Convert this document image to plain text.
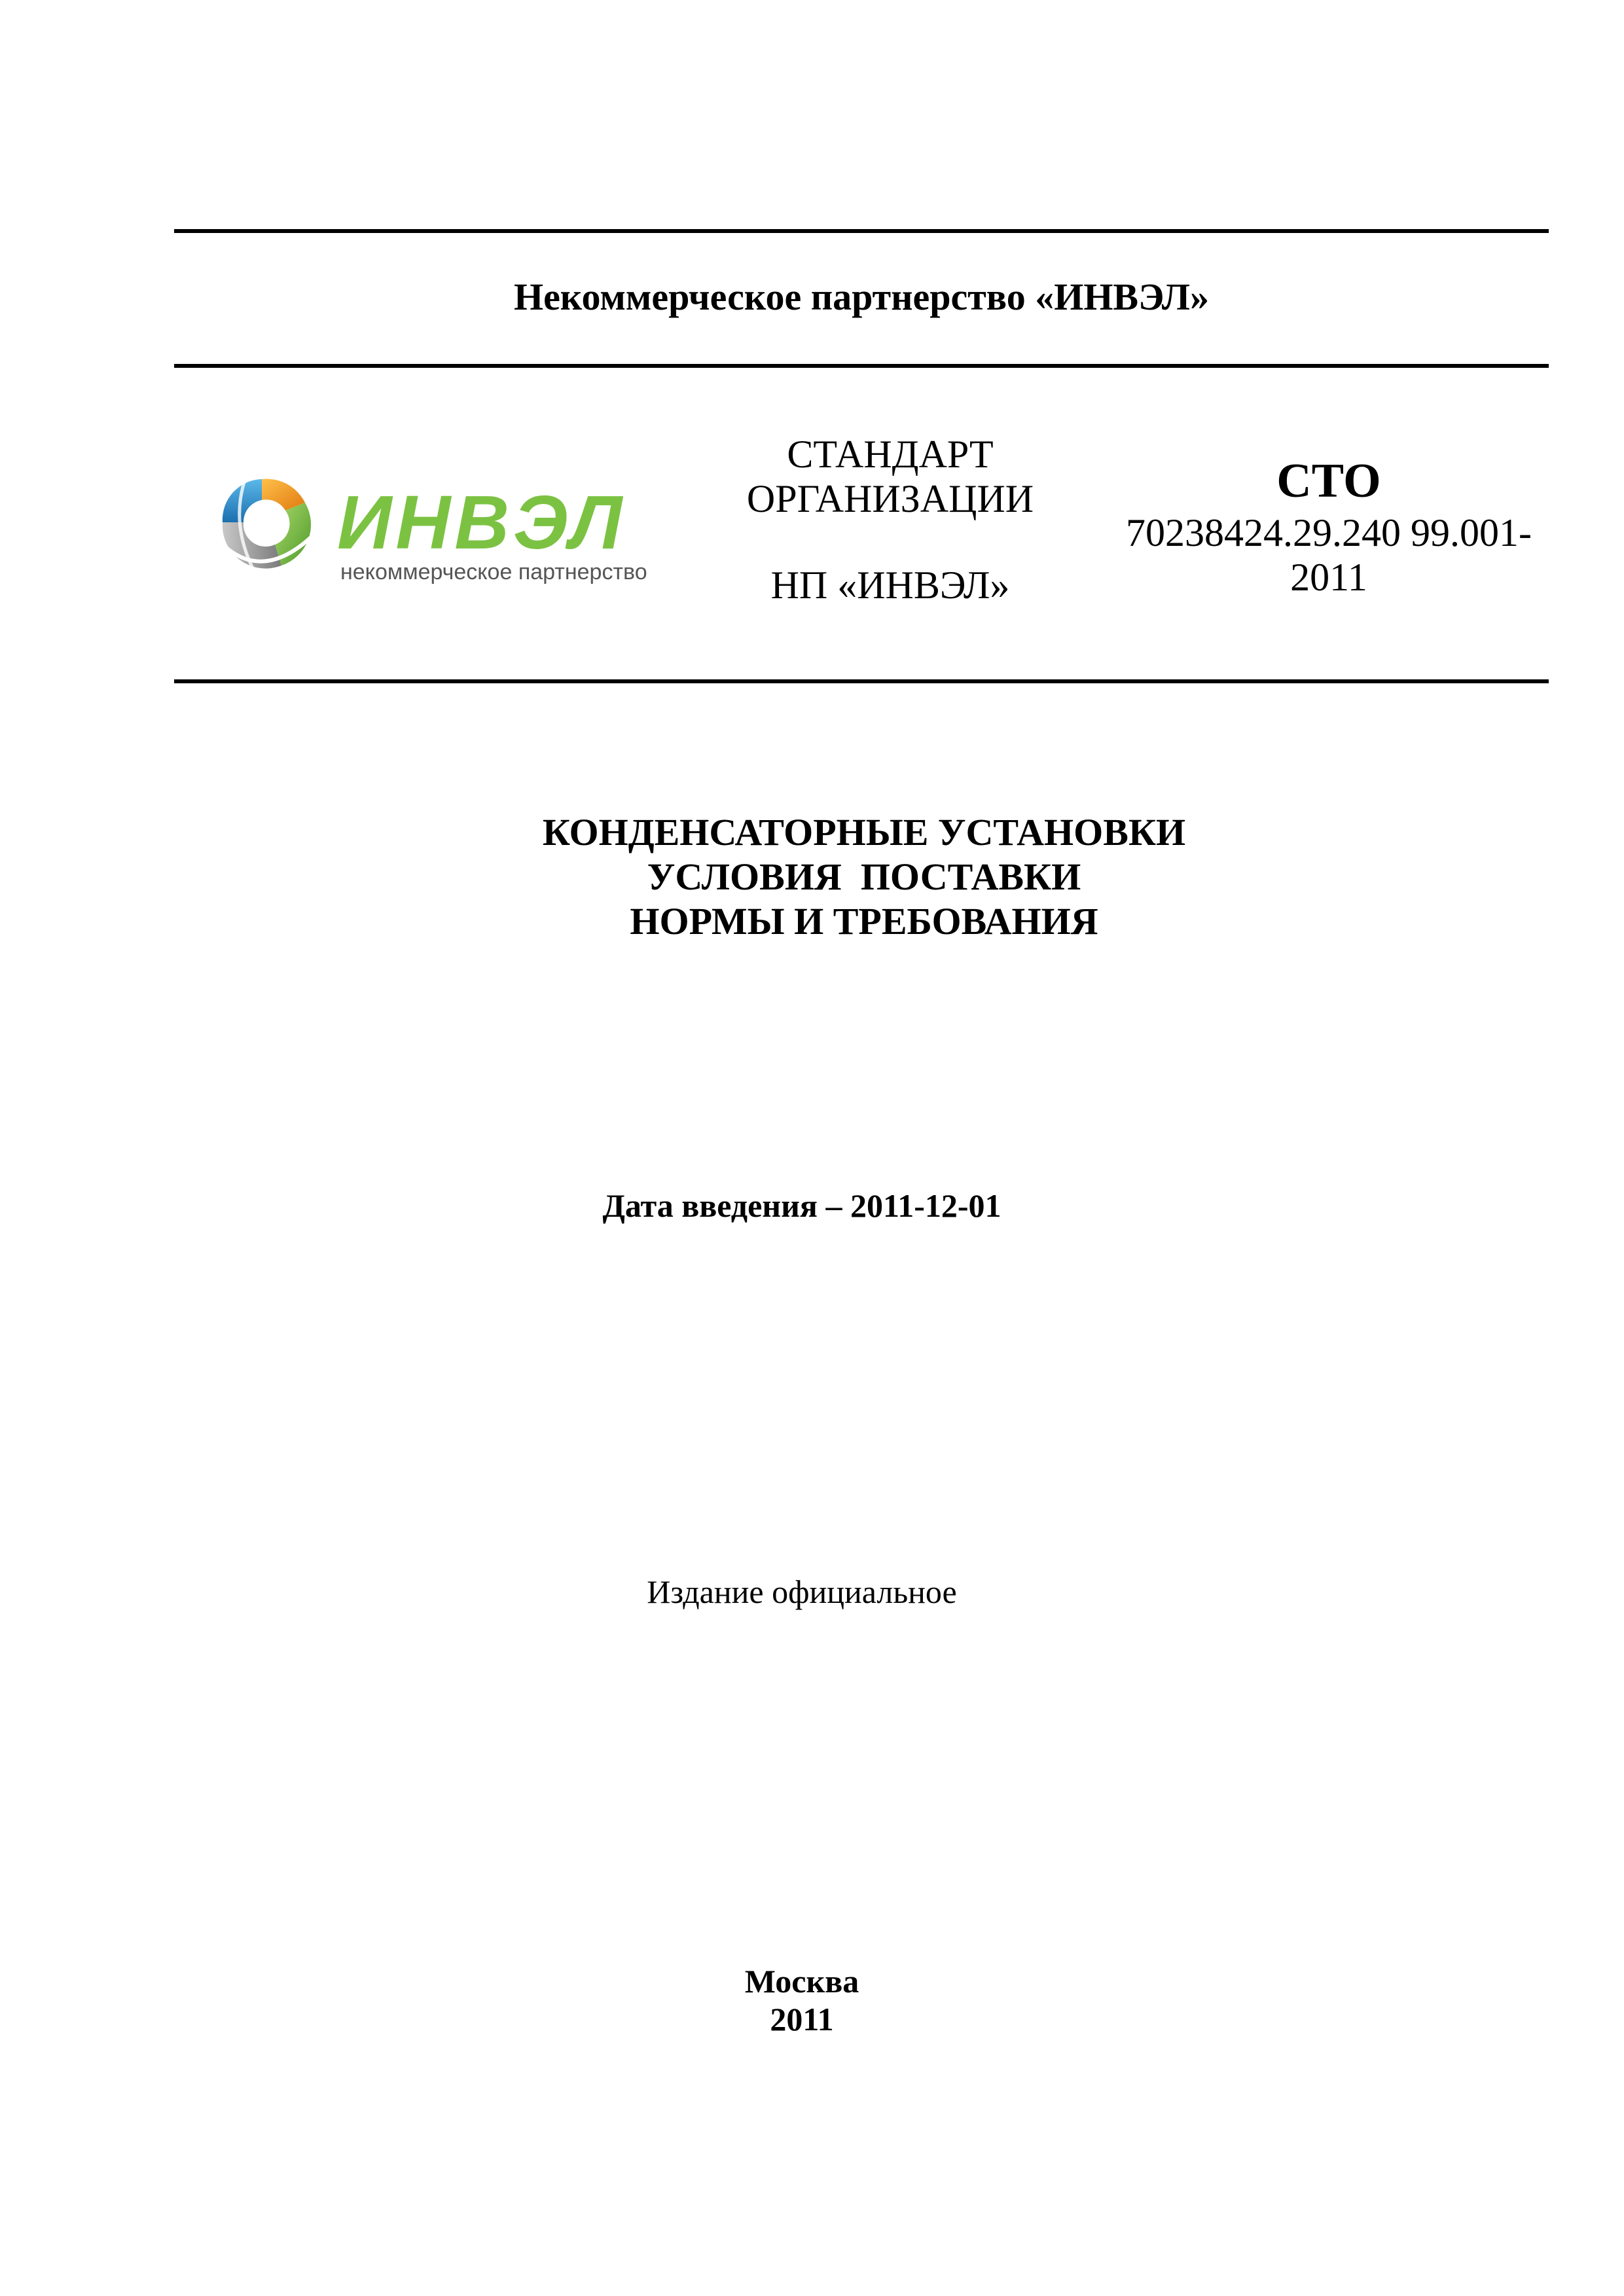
Некоммерческое партнерство «ИНВЭЛ»
ИНВЭЛ
некоммерческое партнерство
СТАНДАРТ
ОРГАНИЗАЦИИ
НП «ИНВЭЛ»
СТО
70238424.29.240 99.001-
2011
КОНДЕНСАТОРНЫЕ УСТАНОВКИ
УСЛОВИЯ  ПОСТАВКИ
НОРМЫ И ТРЕБОВАНИЯ
Дата введения – 2011-12-01
Издание официальное
Москва
2011
